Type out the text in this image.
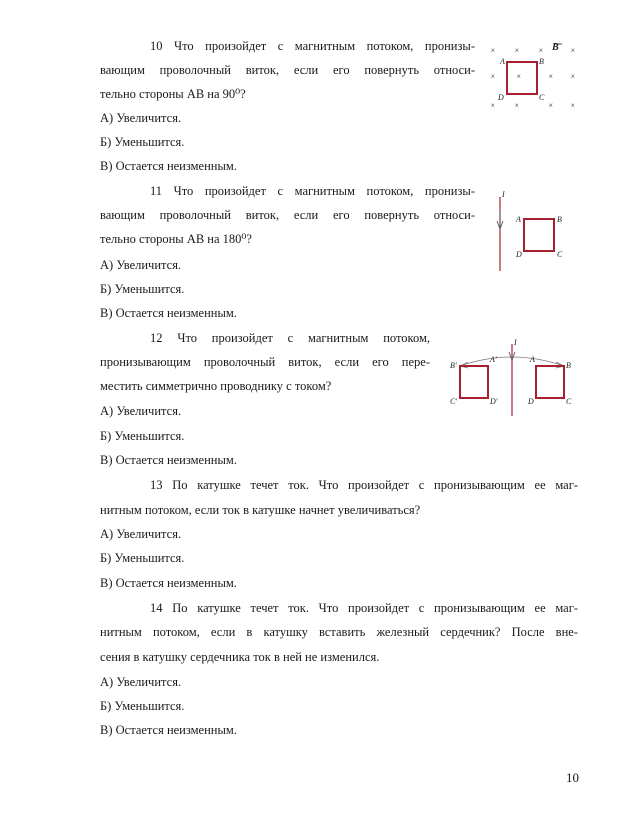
10 Что произойдет с магнитным потоком, пронизы-
вающим проволочный виток, если его повернуть относи-
тельно стороны АВ на 90⁰?
А) Увеличится.
Б) Уменьшится.
В) Остается неизменным.
11 Что произойдет с магнитным потоком, пронизы-
вающим проволочный виток, если его повернуть относи-
тельно стороны АВ на 180⁰?
А) Увеличится.
Б) Уменьшится.
В) Остается неизменным.
12 Что произойдет с магнитным потоком,
пронизывающим проволочный виток, если его пере-
местить симметрично проводнику с током?
А) Увеличится.
Б) Уменьшится.
В) Остается неизменным.
13 По катушке течет ток. Что произойдет с пронизывающим ее маг-
нитным потоком, если ток в катушке начнет увеличиваться?
А) Увеличится.
Б) Уменьшится.
В) Остается неизменным.
14 По катушке течет ток. Что произойдет с пронизывающим ее маг-
нитным потоком, если в катушку вставить железный сердечник? После вне-
сения в катушку сердечника ток в ней не изменился.
А) Увеличится.
Б) Уменьшится.
В) Остается неизменным.
× × ×	×
×	×	× ×
× ×	× ×
B
A	B
C
D
I
A	B
C
D
I
B'
A'
D'
C'
A
B
C
D
10
